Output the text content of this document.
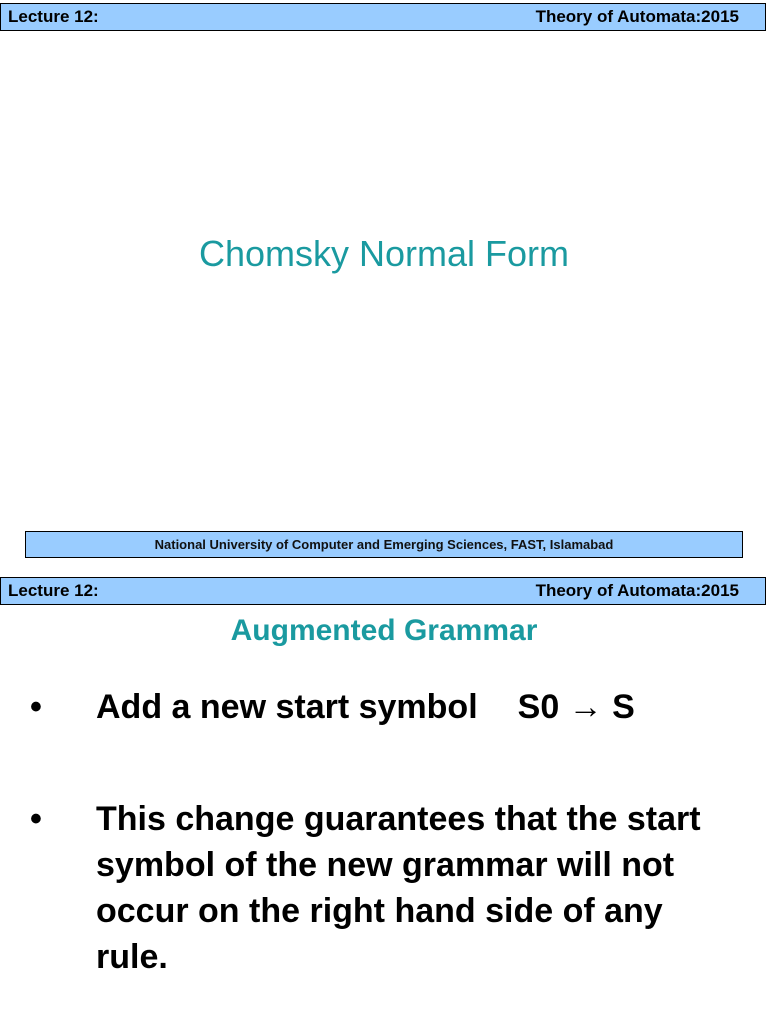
Lecture 12:	Theory of Automata:2015
Chomsky Normal Form
National University of Computer and Emerging Sciences, FAST, Islamabad
Lecture 12:	Theory of Automata:2015
Augmented Grammar
• Add a new start symbol S0 → S
• This change guarantees that the start symbol of the new grammar will not occur on the right hand side of any rule.
